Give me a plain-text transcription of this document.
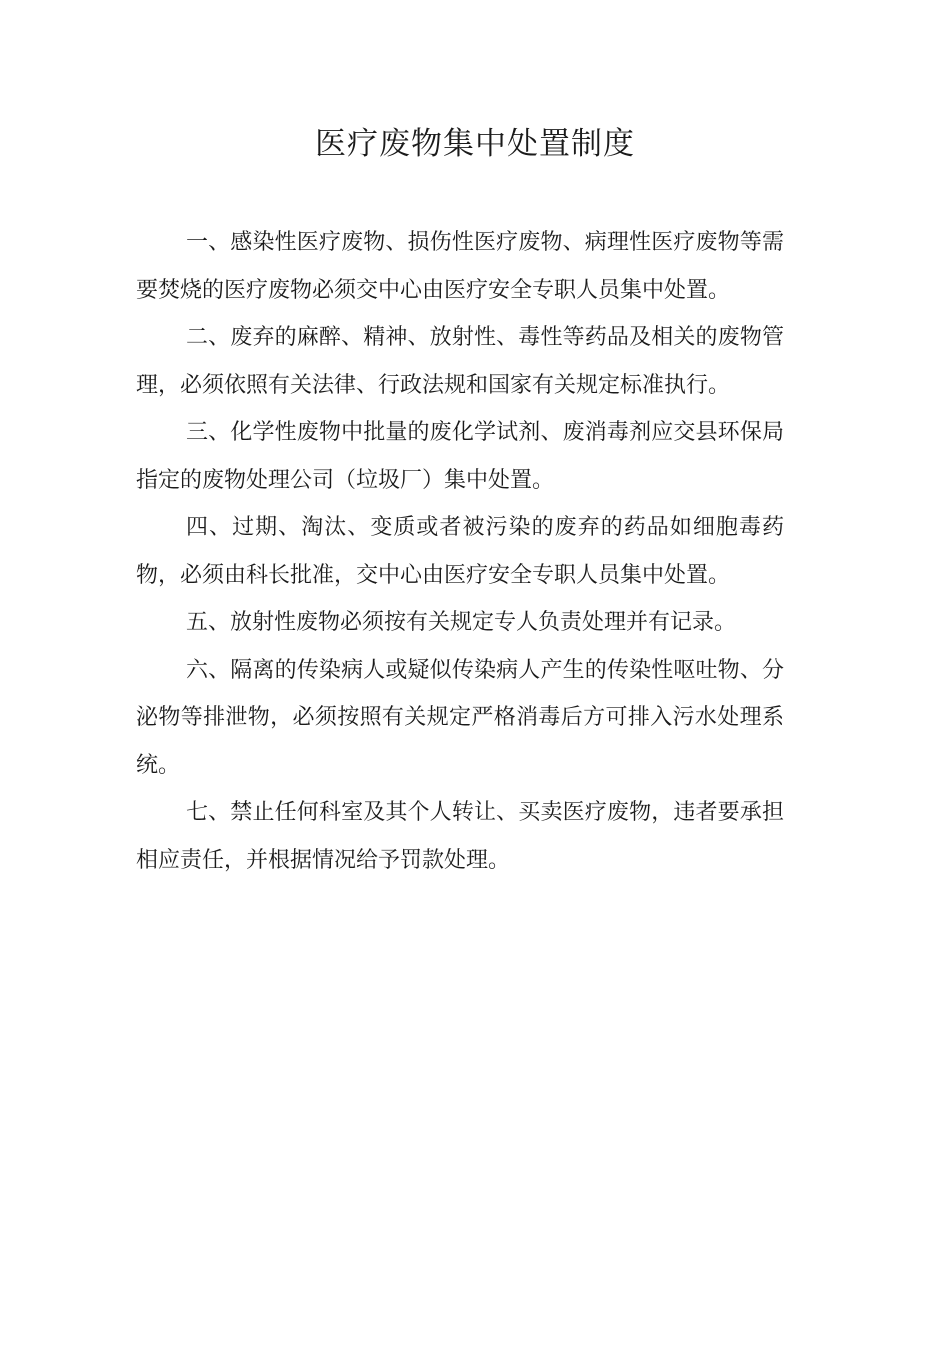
医疗废物集中处置制度

一、感染性医疗废物、损伤性医疗废物、病理性医疗废物等需要焚烧的医疗废物必须交中心由医疗安全专职人员集中处置。

二、废弃的麻醉、精神、放射性、毒性等药品及相关的废物管理，必须依照有关法律、行政法规和国家有关规定标准执行。

三、化学性废物中批量的废化学试剂、废消毒剂应交县环保局指定的废物处理公司（垃圾厂）集中处置。

四、过期、淘汰、变质或者被污染的废弃的药品如细胞毒药物，必须由科长批准，交中心由医疗安全专职人员集中处置。

五、放射性废物必须按有关规定专人负责处理并有记录。

六、隔离的传染病人或疑似传染病人产生的传染性呕吐物、分泌物等排泄物，必须按照有关规定严格消毒后方可排入污水处理系统。

七、禁止任何科室及其个人转让、买卖医疗废物，违者要承担相应责任，并根据情况给予罚款处理。
